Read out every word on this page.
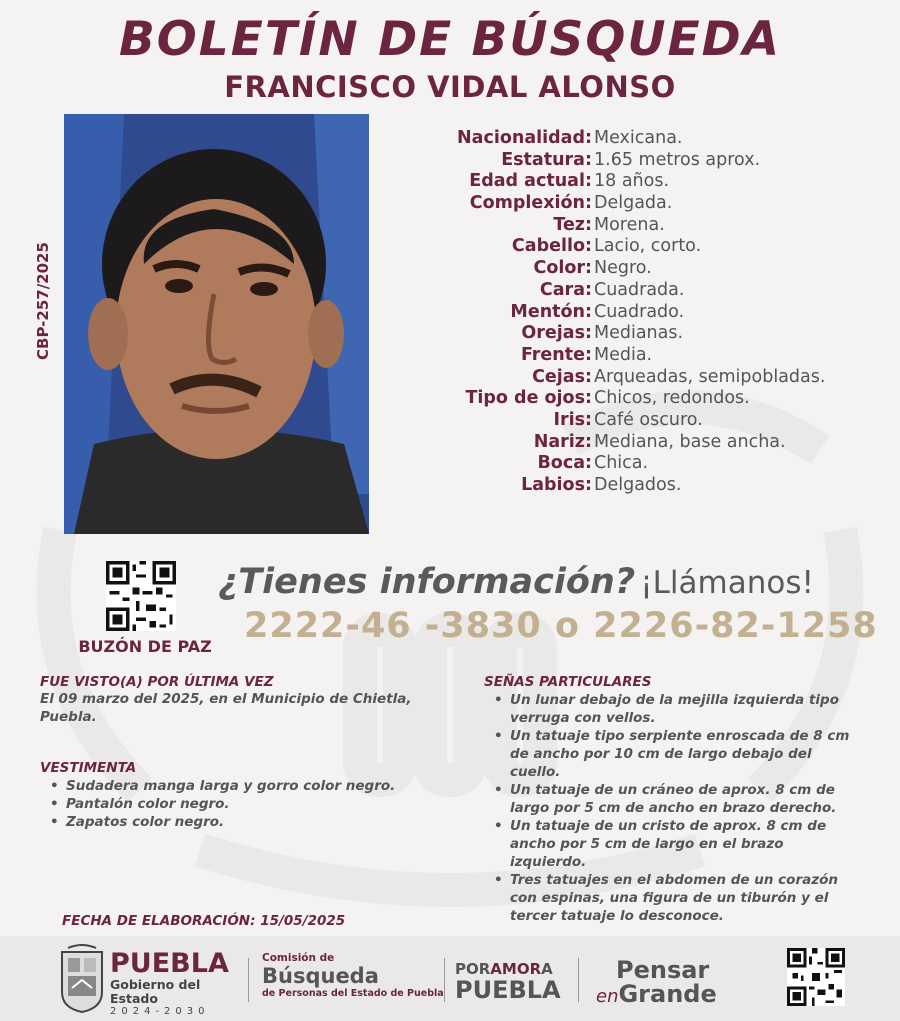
BOLETÍN DE BÚSQUEDA
FRANCISCO VIDAL ALONSO
CBP-257/2025
Nacionalidad: Mexicana.
Estatura: 1.65 metros aprox.
Edad actual: 18 años.
Complexión: Delgada.
Tez: Morena.
Cabello: Lacio, corto.
Color: Negro.
Cara: Cuadrada.
Mentón: Cuadrado.
Orejas: Medianas.
Frente: Media.
Cejas: Arqueadas, semipobladas.
Tipo de ojos: Chicos, redondos.
Iris: Café oscuro.
Nariz: Mediana, base ancha.
Boca: Chica.
Labios: Delgados.
BUZÓN DE PAZ
¿Tienes información? ¡Llámanos!
2222-46 -3830 o 2226-82-1258
FUE VISTO(A) POR ÚLTIMA VEZ
El 09 marzo del 2025, en el Municipio de Chietla, Puebla.
VESTIMENTA
• Sudadera manga larga y gorro color negro.
• Pantalón color negro.
• Zapatos color negro.
SEÑAS PARTICULARES
• Un lunar debajo de la mejilla izquierda tipo verruga con vellos.
• Un tatuaje tipo serpiente enroscada de 8 cm de ancho por 10 cm de largo debajo del cuello.
• Un tatuaje de un cráneo de aprox. 8 cm de largo por 5 cm de ancho en brazo derecho.
• Un tatuaje de un cristo de aprox. 8 cm de ancho por 5 cm de largo en el brazo izquierdo.
• Tres tatuajes en el abdomen de un corazón con espinas, una figura de un tiburón y el tercer tatuaje lo desconoce.
FECHA DE ELABORACIÓN: 15/05/2025
PUEBLA
Gobierno del Estado
2024-2030
Comisión de
Búsqueda
de Personas del Estado de Puebla
PORAMORA
PUEBLA
Pensar
enGrande
